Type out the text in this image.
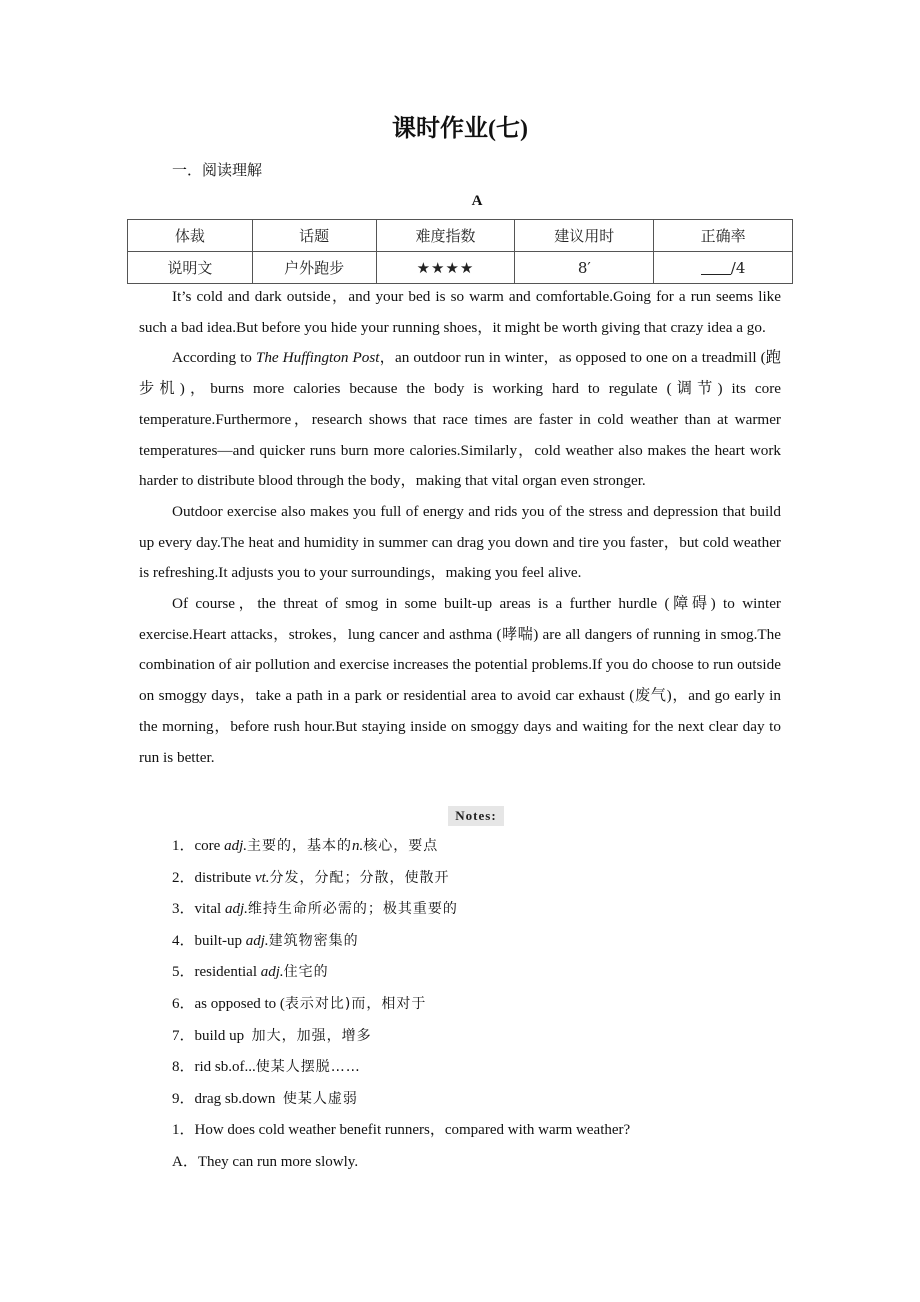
课时作业(七)
一．阅读理解
A
体裁	话题	难度指数	建议用时	正确率
说明文	户外跑步	★★★★	8′	/4

It’s cold and dark outside，and your bed is so warm and comfortable.Going for a run seems like such a bad idea.But before you hide your running shoes，it might be worth giving that crazy idea a go.

According to The Huffington Post，an outdoor run in winter，as opposed to one on a treadmill (跑步机)，burns more calories because the body is working hard to regulate (调节) its core temperature.Furthermore，research shows that race times are faster in cold weather than at warmer temperatures—and quicker runs burn more calories.Similarly，cold weather also makes the heart work harder to distribute blood through the body，making that vital organ even stronger.

Outdoor exercise also makes you full of energy and rids you of the stress and depression that build up every day.The heat and humidity in summer can drag you down and tire you faster，but cold weather is refreshing.It adjusts you to your surroundings，making you feel alive.

Of course，the threat of smog in some built-up areas is a further hurdle (障碍) to winter exercise.Heart attacks，strokes，lung cancer and asthma (哮喘) are all dangers of running in smog.The combination of air pollution and exercise increases the potential problems.If you do choose to run outside on smoggy days，take a path in a park or residential area to avoid car exhaust (废气)，and go early in the morning，before rush hour.But staying inside on smoggy days and waiting for the next clear day to run is better.

Notes:
1．core adj.主要的，基本的n.核心，要点
2．distribute vt.分发，分配；分散，使散开
3．vital adj.维持生命所必需的；极其重要的
4．built-up adj.建筑物密集的
5．residential adj.住宅的
6．as opposed to (表示对比)而，相对于
7．build up  加大，加强，增多
8．rid sb.of...使某人摆脱……
9．drag sb.down  使某人虚弱
1．How does cold weather benefit runners，compared with warm weather?
A．They can run more slowly.
